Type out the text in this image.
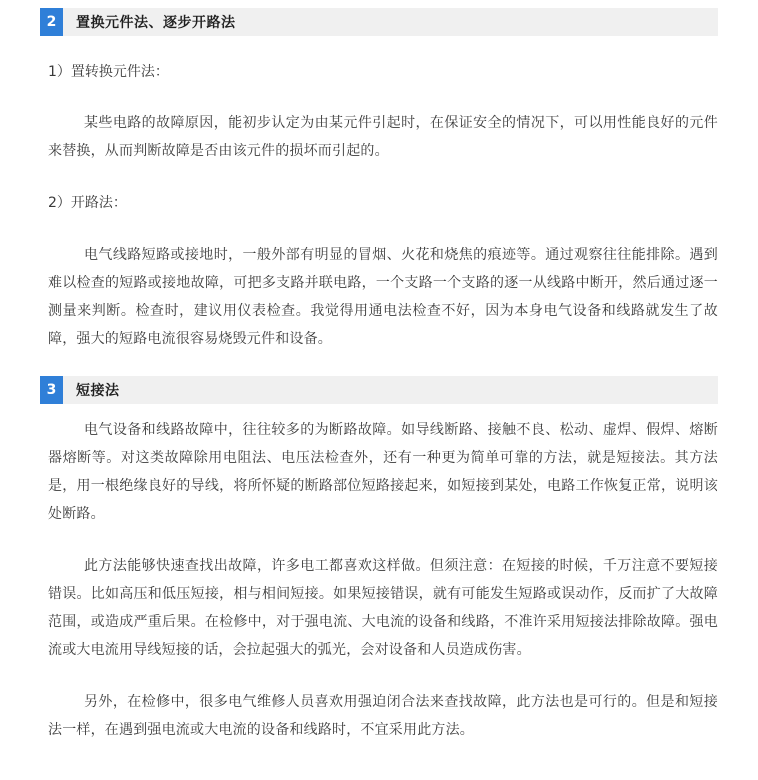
2	置换元件法、逐步开路法

1）置转换元件法：

某些电路的故障原因，能初步认定为由某元件引起时，在保证安全的情况下，可以用性能良好的元件来替换，从而判断故障是否由该元件的损坏而引起的。

2）开路法：

电气线路短路或接地时，一般外部有明显的冒烟、火花和烧焦的痕迹等。通过观察往往能排除。遇到难以检查的短路或接地故障，可把多支路并联电路，一个支路一个支路的逐一从线路中断开，然后通过逐一测量来判断。检查时，建议用仪表检查。我觉得用通电法检查不好，因为本身电气设备和线路就发生了故障，强大的短路电流很容易烧毁元件和设备。

3	短接法

电气设备和线路故障中，往往较多的为断路故障。如导线断路、接触不良、松动、虚焊、假焊、熔断器熔断等。对这类故障除用电阻法、电压法检查外，还有一种更为简单可靠的方法，就是短接法。其方法是，用一根绝缘良好的导线，将所怀疑的断路部位短路接起来，如短接到某处，电路工作恢复正常，说明该处断路。

此方法能够快速查找出故障，许多电工都喜欢这样做。但须注意：在短接的时候，千万注意不要短接错误。比如高压和低压短接，相与相间短接。如果短接错误，就有可能发生短路或误动作，反而扩了大故障范围，或造成严重后果。在检修中，对于强电流、大电流的设备和线路，不准许采用短接法排除故障。强电流或大电流用导线短接的话，会拉起强大的弧光，会对设备和人员造成伤害。

另外，在检修中，很多电气维修人员喜欢用强迫闭合法来查找故障，此方法也是可行的。但是和短接法一样，在遇到强电流或大电流的设备和线路时，不宜采用此方法。
